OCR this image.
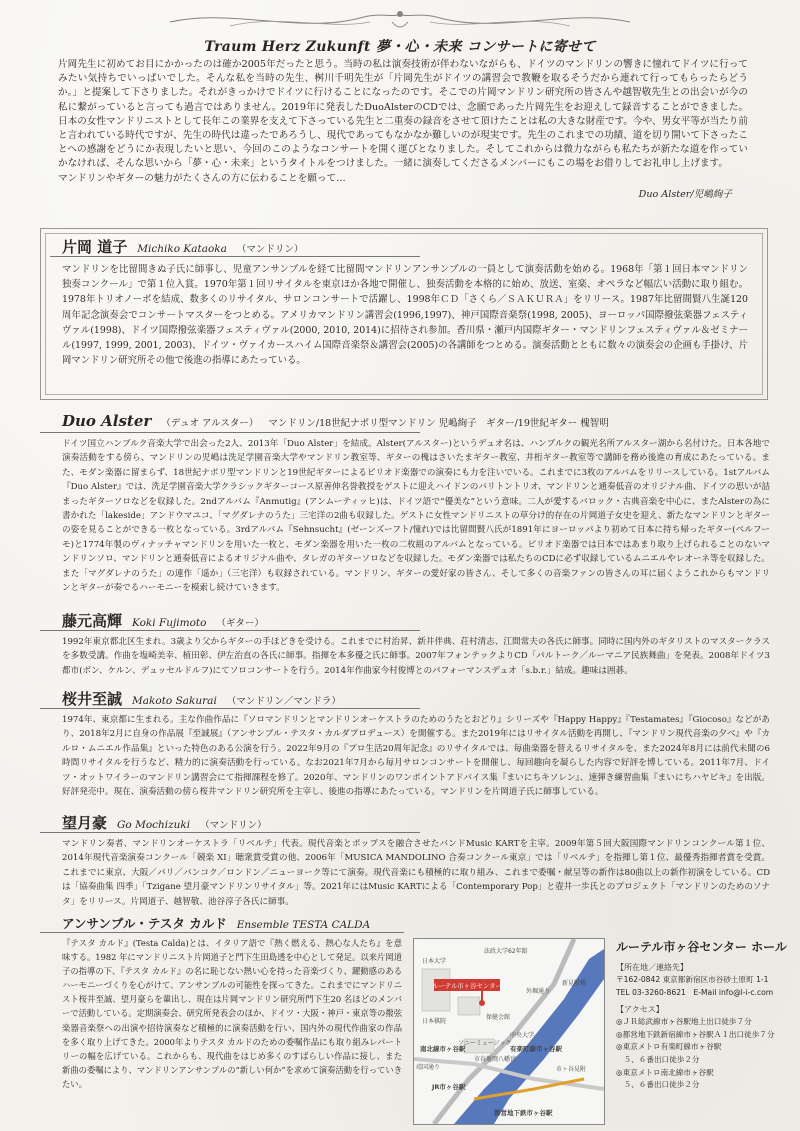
Traum Herz Zukunft 夢・心・未来 コンサートに寄せて
片岡先生に初めてお目にかかったのは確か2005年だったと思う。当時の私は演奏技術が伴わないながらも、ドイツのマンドリンの響きに憧れてドイツに行ってみたい気持ちでいっぱいでした。そんな私を当時の先生、桝川千明先生が「片岡先生がドイツの講習会で教鞭を取るそうだから連れて行ってもらったらどうか。」と提案して下さりました。それがきっかけでドイツに行けることになったのです。そこでの片岡マンドリン研究所の皆さんや越智敬先生との出会いが今の私に繋がっていると言っても過言ではありません。2019年に発表したDuoAlsterのCDでは、念願であった片岡先生をお迎えして録音することができました。日本の女性マンドリニストとして長年この業界を支えて下さっている先生と二重奏の録音をさせて頂けたことは私の大きな財産です。今や、男女平等が当たり前と言われている時代ですが、先生の時代は違ったであろうし、現代であってもなかなか難しいのが現実です。先生のこれまでの功績、道を切り開いて下さったことへの感謝をどうにか表現したいと思い、今回のこのようなコンサートを開く運びとなりました。そしてこれからは微力ながらも私たちが新たな道を作っていかなければ、そんな思いから「夢・心・未来」というタイトルをつけました。一緒に演奏してくださるメンバーにもこの場をお借りしてお礼申し上げます。
マンドリンやギターの魅力がたくさんの方に伝わることを願って…
Duo Alster/児嶋絢子
片岡 道子 Michiko Kataoka （マンドリン）
マンドリンを比留間きぬ子氏に師事し、児童アンサンブルを経て比留間マンドリンアンサンブルの一員として演奏活動を始める。1968年「第１回日本マンドリン独奏コンクール」で第１位入賞。1970年第１回リサイタルを東京ほか各地で開催し、独奏活動を本格的に始め、放送、室楽、オペラなど幅広い活動に取り組む。1978年トリオノーボを結成、数多くのリサイタル、サロンコンサートで活躍し、1998年ＣＤ「さくら／ＳＡＫＵＲＡ」をリリース。1987年比留間賢八生誕120周年記念演奏会でコンサートマスターをつとめる。アメリカマンドリン講習会(1996,1997)、神戸国際音楽祭(1998, 2005)、ヨーロッパ国際撥弦楽器フェスティヴァル(1998)、ドイツ国際撥弦楽器フェスティヴァル(2000, 2010, 2014)に招待され参加。香川県・瀬戸内国際ギター・マンドリンフェスティヴァル＆ゼミナール(1997, 1999, 2001, 2003)、ドイツ・ヴァイカースハイム国際音楽祭＆講習会(2005)の各講師をつとめる。演奏活動とともに数々の演奏会の企画も手掛け、片岡マンドリン研究所その他で後進の指導にあたっている。
Duo Alster （デュオ アルスター） マンドリン/18世紀ナポリ型マンドリン 児嶋絢子　ギター/19世紀ギター 槐智明
ドイツ国立ハンブルク音楽大学で出会った2人、2013年「Duo Alster」を結成。Alster(アルスター)というデュオ名は、ハンブルクの観光名所アルスター湖から名付けた。日本各地で演奏活動をする傍ら、マンドリンの児嶋は洗足学園音楽大学やマンドリン教室等、ギターの槐はさいたまギター教室、井桁ギター教室等で講師を務め後進の育成にあたっている。また、モダン楽器に留まらず、18世紀ナポリ型マンドリンと19世紀ギターによるピリオド楽器での演奏にも力を注いでいる。これまでに3枚のアルバムをリリースしている。1stアルバム『Duo Alster』では、洗足学園音楽大学クラシックギターコース原善伸名誉教授をゲストに迎えハイドンのバリトントリオ、マンドリンと通奏低音のオリジナル曲、ドイツの思いが詰まったギターソロなどを収録した。2ndアルバム『Anmutig』(アンムーティッヒ)は、ドイツ語で“優美な”という意味。二人が愛するバロック・古典音楽を中心に、またAlsterの為に書かれた「lakeside」アンドウマユコ、「マグダレナのうた」三宅洋の2曲も収録した。ゲストに女性マンドリニストの草分け的存在の片岡道子女史を迎え、新たなマンドリンとギターの姿を見ることができる一枚となっている。3rdアルバム『Sehnsucht』(ゼーンズーフト/憧れ)では比留間賢八氏が1891年にヨーロッパより初めて日本に持ち帰ったギター(ペルフーモ)と1774年製のヴィナッチャマンドリンを用いた一枚と、モダン楽器を用いた一枚の二枚組のアルバムとなっている。ピリオド楽器では日本ではあまり取り上げられることのないマンドリンソロ、マンドリンと通奏低音によるオリジナル曲や、タレガのギターソロなどを収録した。モダン楽器では私たちのCDに必ず収録しているムニエルやレオーネ等を収録した。また「マグダレナのうた」の連作「遥か」（三宅洋）も収録されている。マンドリン、ギターの愛好家の皆さん、そして多くの音楽ファンの皆さんの耳に届くようこれからもマンドリンとギターが奏でるハーモニーを模索し続けていきます。
藤元高輝 Koki Fujimoto （ギター）
1992年東京都北区生まれ。3歳より父からギターの手ほどきを受ける。これまでに村治昇、新井伴典、荘村清志、江間常夫の各氏に師事。同時に国内外のギタリストのマスタークラスを多数受講。作曲を塩崎美幸、植田彰、伊左治直の各氏に師事。指揮を本多優之氏に師事。2007年フォンテックよりCD「パルトーク／ルーマニア民族舞曲」を発表。2008年ドイツ3都市(ボン、ケルン、デュッセルドルフ)にてソロコンサートを行う。2014年作曲家今村俊博とのパフォーマンスデュオ「s.b.r.」結成。趣味は囲碁。
桜井至誠 Makoto Sakurai （マンドリン／マンドラ）
1974年、東京都に生まれる。主な作曲作品に『ソロマンドリンとマンドリンオーケストラのためのうたとおどり』シリーズや『Happy Happy』『Testamates』『Giocoso』などがあり、2018年2月に自身の作品展『至誠展』（アンサンブル・テスタ・カルダプロデュース）を開催する。また2019年にはリサイタル活動を再開し、『マンドリン現代音楽の夕べ』や『カルロ・ムニエル作品集』といった特色のある公演を行う。2022年9月の『プロ生活20周年記念』のリサイタルでは、毎曲楽器を替えるリサイタルを、また2024年8月には前代未聞の6時間リサイタルを行うなど、精力的に演奏活動を行っている。なお2021年7月から毎月サロンコンサートを開催し、毎回趣向を凝らした内容で好評を博している。2011年7月、ドイツ・オットワイラーのマンドリン講習会にて指揮課程を修了。2020年、マンドリンのワンポイントアドバイス集『まいにちキソレン』、速弾き練習曲集『まいにちハヤビキ』を出版。好評発売中。現在、演奏活動の傍ら桜井マンドリン研究所を主宰し、後進の指導にあたっている。マンドリンを片岡道子氏に師事している。
望月豪 Go Mochizuki （マンドリン）
マンドリン奏者、マンドリンオーケストラ「リベルテ」代表。現代音楽とポップスを融合させたバンドMusic KARTを主宰。2009年第５回大阪国際マンドリンコンクール第１位、2014年現代音楽演奏コンクール「競楽 XI」聴衆賞受賞の他、2006年「MUSICA MANDOLINO 合奏コンクール東京」では「リベルテ」を指揮し第１位、最優秀指揮者賞を受賞。これまでに東京、大阪／パリ／バンコク／ロンドン／ニューヨーク等にて演奏。現代音楽にも積極的に取り組み、これまで委嘱・献呈等の新作は80曲以上の新作初演をしている。CD は「協奏曲集 四季」「Tzigane 望月豪マンドリンリサイタル」等。2021年にはMusic KARTによる「Contemporary Pop」と壺井一歩氏とのプロジェクト「マンドリンのためのソナタ」をリリース。片岡道子、越智敬、池谷淳子各氏に師事。
アンサンブル・テスタ カルド Ensemble TESTA CALDA
『テスタ カルド』(Testa Calda)とは、イタリア語で『熱く燃える、熱心な人たち』を意味する。1982 年にマンドリニスト片岡道子と門下生田島透を中心として発足。以来片岡道子の指導の下、『テスタ カルド』の名に恥じない熱い心を持った音楽づくり、躍動感のあるハーモニーづくりを心がけて、アンサンブルの可能性を探ってきた。これまでにマンドリニスト桜井至誠、望月豪らを輩出し、現在は片岡マンドリン研究所門下生20 名ほどのメンバーで活動している。定期演奏会、研究所発表会のほか、ドイツ・大阪・神戸・東京等の撥弦楽器音楽祭への出演や招待演奏など積極的に演奏活動を行い、国内外の現代作曲家の作品を多く取り上げてきた。2000年よりテスタ カルドのための委嘱作品にも取り組みレパートリーの幅を広げている。これからも、現代曲をはじめ多くのすばらしい作品に接し、また新曲の委嘱により、マンドリンアンサンブルの“新しい何か”を求めて演奏活動を行っていきたい。
ルーテル市ヶ谷センター
法政大学62年館
保健会館
ソニーミュージック
中央大学
市谷亀岡八幡宮
南北線市ヶ谷駅	有楽町線市ヶ谷駅
JR市ヶ谷駅
都営地下鉄市ヶ谷駅
市ヶ谷見附
靖国通り
外堀通り
新見附橋
日本大学
日本棋院
ルーテル市ヶ谷センター ホール
【所在地／連絡先】
〒162-0842 東京都新宿区市谷砂土原町 1-1
TEL 03-3260-8621　E-Mail info@l-i-c.com
【アクセス】
◎ＪＲ総武線市ヶ谷駅地上出口徒歩７分
◎都営地下鉄新宿線市ヶ谷駅Ａ１出口徒歩７分
◎東京メトロ有楽町線市ヶ谷駅
　５、６番出口徒歩２分
◎東京メトロ南北線市ヶ谷駅
　５、６番出口徒歩２分
